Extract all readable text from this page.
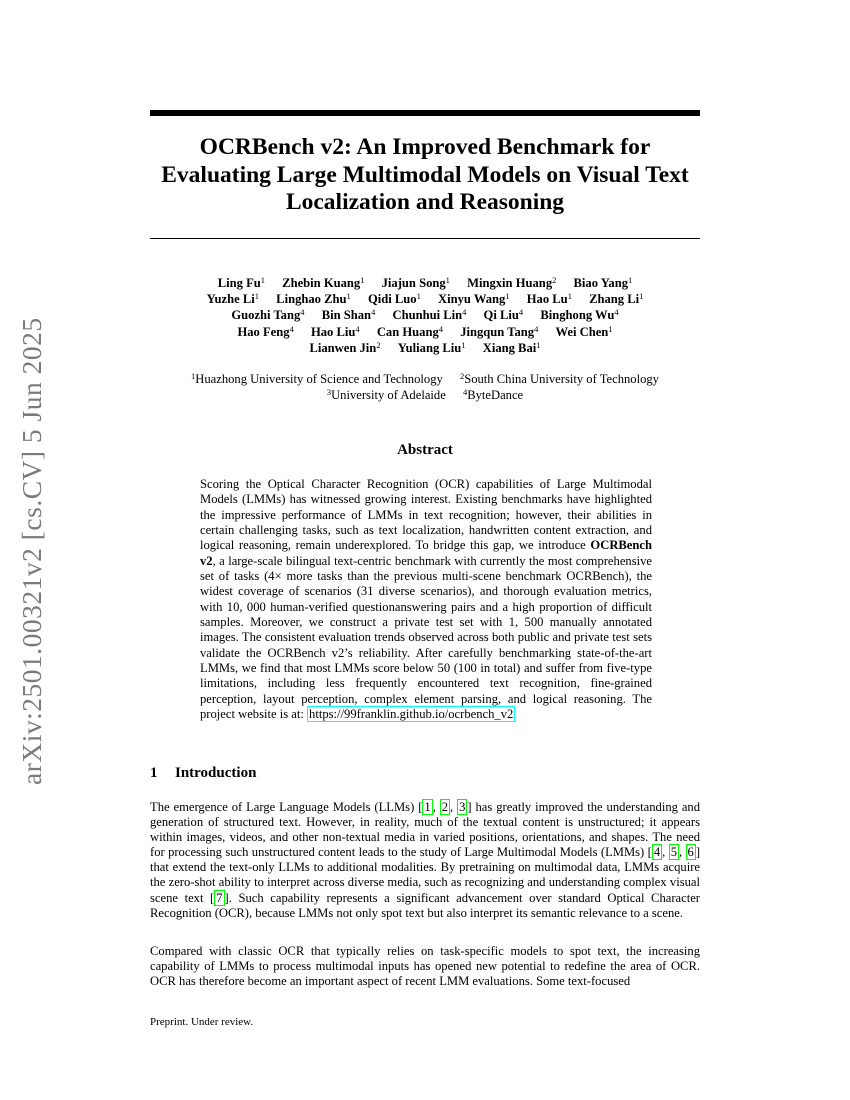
arXiv:2501.00321v2 [cs.CV] 5 Jun 2025
OCRBench v2: An Improved Benchmark for Evaluating Large Multimodal Models on Visual Text Localization and Reasoning
Ling Fu$^1$ Zhebin Kuang$^1$ Jiajun Song$^1$ Mingxin Huang$^2$ Biao Yang$^1$
Yuzhe Li$^1$ Linghao Zhu$^1$ Qidi Luo$^1$ Xinyu Wang$^1$ Hao Lu$^1$ Zhang Li$^1$
Guozhi Tang$^4$ Bin Shan$^4$ Chunhui Lin$^4$ Qi Liu$^4$ Binghong Wu$^4$
Hao Feng$^4$ Hao Liu$^4$ Can Huang$^4$ Jingqun Tang$^4$ Wei Chen$^1$
Lianwen Jin$^2$ Yuliang Liu$^1$ Xiang Bai$^1$
$^1$Huazhong University of Science and Technology $^2$South China University of Technology
$^3$University of Adelaide $^4$ByteDance
Abstract
Scoring the Optical Character Recognition (OCR) capabilities of Large Multimodal Models (LMMs) has witnessed growing interest. Existing benchmarks have highlighted the impressive performance of LMMs in text recognition; however, their abilities in certain challenging tasks, such as text localization, handwritten content extraction, and logical reasoning, remain underexplored. To bridge this gap, we introduce OCRBench v2, a large-scale bilingual text-centric benchmark with currently the most comprehensive set of tasks (4× more tasks than the previous multi-scene benchmark OCRBench), the widest coverage of scenarios (31 diverse scenarios), and thorough evaluation metrics, with 10, 000 human-verified questionanswering pairs and a high proportion of difficult samples. Moreover, we construct a private test set with 1, 500 manually annotated images. The consistent evaluation trends observed across both public and private test sets validate the OCRBench v2’s reliability. After carefully benchmarking state-of-the-art LMMs, we find that most LMMs score below 50 (100 in total) and suffer from five-type limitations, including less frequently encountered text recognition, fine-grained perception, layout perception, complex element parsing, and logical reasoning. The project website is at: https://99franklin.github.io/ocrbench_v2
1 Introduction
The emergence of Large Language Models (LLMs) [ 1 , 2 , 3 ] has greatly improved the understanding and generation of structured text. However, in reality, much of the textual content is unstructured; it appears within images, videos, and other non-textual media in varied positions, orientations, and shapes. The need for processing such unstructured content leads to the study of Large Multimodal Models (LMMs) [ 4 , 5 , 6 ] that extend the text-only LLMs to additional modalities. By pretraining on multimodal data, LMMs acquire the zero-shot ability to interpret across diverse media, such as recognizing and understanding complex visual scene text [ 7 ]. Such capability represents a significant advancement over standard Optical Character Recognition (OCR), because LMMs not only spot text but also interpret its semantic relevance to a scene.
Compared with classic OCR that typically relies on task-specific models to spot text, the increasing capability of LMMs to process multimodal inputs has opened new potential to redefine the area of OCR. OCR has therefore become an important aspect of recent LMM evaluations. Some text-focused
Preprint. Under review.
